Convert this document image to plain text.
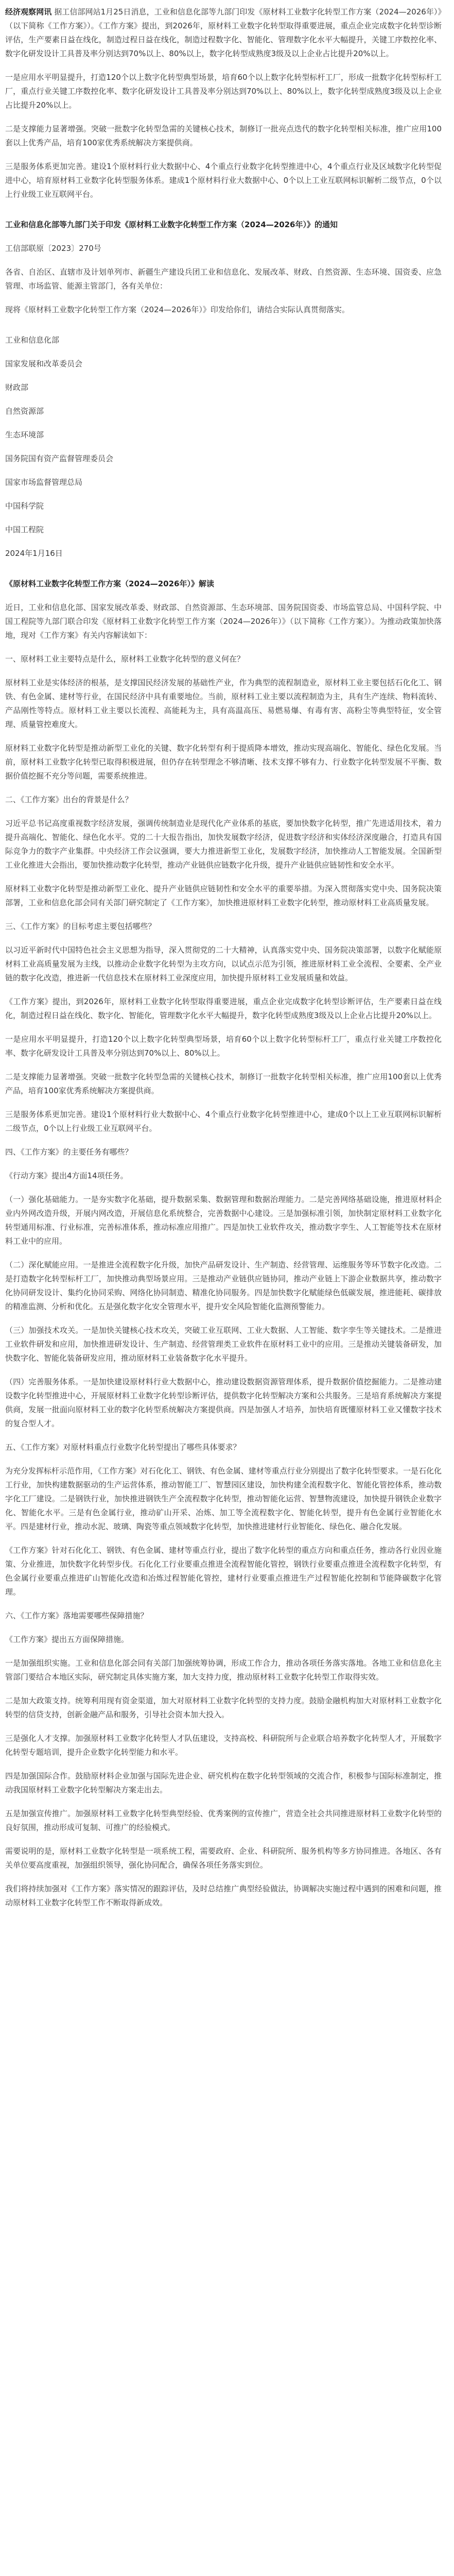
经济观察网讯 据工信部网站1月25日消息，工业和信息化部等九部门印发《原材料工业数字化转型工作方案（2024—2026年）》（以下简称《工作方案》）。《工作方案》提出，到2026年，原材料工业数字化转型取得重要进展，重点企业完成数字化转型诊断评估，生产要素日益在线化，制造过程日益在线化，制造过程数字化、智能化、管理数字化水平大幅提升，关键工序数控化率、数字化研发设计工具普及率分别达到70%以上、80%以上，数字化转型成熟度3级及以上企业占比提升20%以上。

一是应用水平明显提升，打造120个以上数字化转型典型场景，培育60个以上数字化转型标杆工厂，形成一批数字化转型标杆工厂，重点行业关键工序数控化率、数字化研发设计工具普及率分别达到70%以上、80%以上，数字化转型成熟度3级及以上企业占比提升20%以上。

二是支撑能力显著增强。突破一批数字化转型急需的关键核心技术，制修订一批亮点迭代的数字化转型相关标准，推广应用100套以上优秀产品，培育100家优秀系统解决方案提供商。

三是服务体系更加完善。建设1个原材料行业大数据中心、4个重点行业数字化转型推进中心，4个重点行业及区域数字化转型促进中心，培育原材料工业数字化转型服务体系。建成1个原材料行业大数据中心、0个以上工业互联网标识解析二级节点，0个以上行业级工业互联网平台。

工业和信息化部等九部门关于印发《原材料工业数字化转型工作方案（2024—2026年）》的通知

工信部联原〔2023〕270号

各省、自治区、直辖市及计划单列市、新疆生产建设兵团工业和信息化、发展改革、财政、自然资源、生态环境、国资委、应急管理、市场监管、能源主管部门，各有关单位：

现将《原材料工业数字化转型工作方案（2024—2026年）》印发给你们，请结合实际认真贯彻落实。

工业和信息化部

国家发展和改革委员会

财政部

自然资源部

生态环境部

国务院国有资产监督管理委员会

国家市场监督管理总局

中国科学院

中国工程院

2024年1月16日

《原材料工业数字化转型工作方案（2024—2026年）》解读

近日，工业和信息化部、国家发展改革委、财政部、自然资源部、生态环境部、国务院国资委、市场监管总局、中国科学院、中国工程院等九部门联合印发《原材料工业数字化转型工作方案（2024—2026年）》（以下简称《工作方案》）。为推动政策加快落地，现对《工作方案》有关内容解读如下：

一、原材料工业主要特点是什么，原材料工业数字化转型的意义何在？

原材料工业是实体经济的根基，是支撑国民经济发展的基础性产业，作为典型的流程制造业，原材料工业主要包括石化化工、钢铁、有色金属、建材等行业，在国民经济中具有重要地位。当前，原材料工业主要以流程制造为主，具有生产连续、物料流转、产品刚性等特点。原材料工业主要以长流程、高能耗为主，具有高温高压、易燃易爆、有毒有害、高粉尘等典型特征，安全管理、质量管控难度大。

原材料工业数字化转型是推动新型工业化的关键、数字化转型有利于提质降本增效，推动实现高端化、智能化、绿色化发展。当前，原材料工业数字化转型已取得积极进展，但仍存在转型理念不够清晰、技术支撑不够有力、行业数字化转型发展不平衡、数据价值挖掘不充分等问题，需要系统推进。

二、《工作方案》出台的背景是什么？

习近平总书记高度重视数字经济发展，强调传统制造业是现代化产业体系的基底，要加快数字化转型，推广先进适用技术，着力提升高端化、智能化、绿色化水平。党的二十大报告指出，加快发展数字经济，促进数字经济和实体经济深度融合，打造具有国际竞争力的数字产业集群。中央经济工作会议强调，要大力推进新型工业化，发展数字经济，加快推动人工智能发展。全国新型工业化推进大会指出，要加快推动数字化转型，推动产业链供应链数字化升级，提升产业链供应链韧性和安全水平。

原材料工业数字化转型是推动新型工业化、提升产业链供应链韧性和安全水平的重要举措。为深入贯彻落实党中央、国务院决策部署，工业和信息化部会同有关部门研究制定了《工作方案》，加快推进原材料工业数字化转型，推动原材料工业高质量发展。

三、《工作方案》的目标考虑主要包括哪些？

以习近平新时代中国特色社会主义思想为指导，深入贯彻党的二十大精神，认真落实党中央、国务院决策部署，以数字化赋能原材料工业高质量发展为主线，以推动企业数字化转型为主攻方向，以试点示范为引领，推进原材料工业全流程、全要素、全产业链的数字化改造，推进新一代信息技术在原材料工业深度应用，加快提升原材料工业发展质量和效益。

《工作方案》提出，到2026年，原材料工业数字化转型取得重要进展，重点企业完成数字化转型诊断评估，生产要素日益在线化，制造过程日益在线化、数字化、智能化，管理数字化水平大幅提升，数字化转型成熟度3级及以上企业占比提升20%以上。

一是应用水平明显提升，打造120个以上数字化转型典型场景，培育60个以上数字化转型标杆工厂，重点行业关键工序数控化率、数字化研发设计工具普及率分别达到70%以上、80%以上。

二是支撑能力显著增强。突破一批数字化转型急需的关键核心技术，制修订一批数字化转型相关标准，推广应用100套以上优秀产品，培育100家优秀系统解决方案提供商。

三是服务体系更加完善。建设1个原材料行业大数据中心、4个重点行业数字化转型推进中心，建成0个以上工业互联网标识解析二级节点，0个以上行业级工业互联网平台。

四、《工作方案》的主要任务有哪些？

《行动方案》提出4方面14项任务。

（一）强化基础能力。一是夯实数字化基础，提升数据采集、数据管理和数据治理能力。二是完善网络基础设施，推进原材料企业内外网改造升级，开展内网改造，开展信息化系统整合，完善数据中心建设。三是加强标准引领，加快制定原材料工业数字化转型通用标准、行业标准，完善标准体系，推动标准应用推广。四是加快工业软件攻关，推动数字孪生、人工智能等技术在原材料工业中的应用。

（二）深化赋能应用。一是推进全流程数字化升级，加快产品研发设计、生产制造、经营管理、运维服务等环节数字化改造。二是打造数字化转型标杆工厂，加快推动典型场景应用。三是推动产业链供应链协同，推动产业链上下游企业数据共享，推动数字化协同研发设计、集约化协同采购、网络化协同制造、精准化协同服务。四是加快数字化赋能绿色低碳发展，推进能耗、碳排放的精准监测、分析和优化。五是强化数字化安全管理水平，提升安全风险智能化监测预警能力。

（三）加强技术攻关。一是加快关键核心技术攻关，突破工业互联网、工业大数据、人工智能、数字孪生等关键技术。二是推进工业软件研发和应用，加快推进研发设计、生产制造、经营管理类工业软件在原材料工业中的应用。三是推动关键装备研发，加快数字化、智能化装备研发应用，推动原材料工业装备数字化水平提升。

（四）完善服务体系。一是加快建设原材料行业大数据中心，推动建设数据资源管理体系，提升数据价值挖掘能力。二是推动建设数字化转型推进中心，开展原材料工业数字化转型诊断评估，提供数字化转型解决方案和公共服务。三是培育系统解决方案提供商，发展一批面向原材料工业的数字化转型系统解决方案提供商。四是加强人才培养，加快培育既懂原材料工业又懂数字技术的复合型人才。

五、《工作方案》对原材料重点行业数字化转型提出了哪些具体要求？

为充分发挥标杆示范作用，《工作方案》对石化化工、钢铁、有色金属、建材等重点行业分别提出了数字化转型要求。一是石化化工行业，加快构建数据驱动的生产运营体系，推动智能工厂、智慧园区建设，加快构建全流程数字化、智能化管控体系，推动数字化工厂建设。二是钢铁行业，加快推进钢铁生产全流程数字化转型，推动智能化运营、智慧物流建设，加快提升钢铁企业数字化、智能化水平。三是有色金属行业，推动矿山开采、冶炼、加工等全流程数字化、智能化转型，提升有色金属行业智能化水平。四是建材行业，推动水泥、玻璃、陶瓷等重点领域数字化转型，加快推进建材行业智能化、绿色化、融合化发展。

《工作方案》针对石化化工、钢铁、有色金属、建材等重点行业，提出了数字化转型的重点方向和重点任务，推动各行业因业施策、分业推进，加快数字化转型步伐。石化化工行业要重点推进全流程智能化管控，钢铁行业要重点推进全流程数字化转型，有色金属行业要重点推进矿山智能化改造和冶炼过程智能化管控，建材行业要重点推进生产过程智能化控制和节能降碳数字化管理。

六、《工作方案》落地需要哪些保障措施？

《工作方案》提出五方面保障措施。

一是加强组织实施。工业和信息化部会同有关部门加强统筹协调，形成工作合力，推动各项任务落实落地。各地工业和信息化主管部门要结合本地区实际，研究制定具体实施方案，加大支持力度，推动原材料工业数字化转型工作取得实效。

二是加大政策支持。统筹利用现有资金渠道，加大对原材料工业数字化转型的支持力度。鼓励金融机构加大对原材料工业数字化转型的信贷支持，创新金融产品和服务，引导社会资本加大投入。

三是强化人才支撑。加强原材料工业数字化转型人才队伍建设，支持高校、科研院所与企业联合培养数字化转型人才，开展数字化转型专题培训，提升企业数字化转型能力和水平。

四是加强国际合作。鼓励原材料企业加强与国际先进企业、研究机构在数字化转型领域的交流合作，积极参与国际标准制定，推动我国原材料工业数字化转型解决方案走出去。

五是加强宣传推广。加强原材料工业数字化转型典型经验、优秀案例的宣传推广，营造全社会共同推进原材料工业数字化转型的良好氛围，推动形成可复制、可推广的经验模式。

需要说明的是，原材料工业数字化转型是一项系统工程，需要政府、企业、科研院所、服务机构等多方协同推进。各地区、各有关单位要高度重视，加强组织领导，强化协同配合，确保各项任务落实到位。

我们将持续加强对《工作方案》落实情况的跟踪评估，及时总结推广典型经验做法，协调解决实施过程中遇到的困难和问题，推动原材料工业数字化转型工作不断取得新成效。
